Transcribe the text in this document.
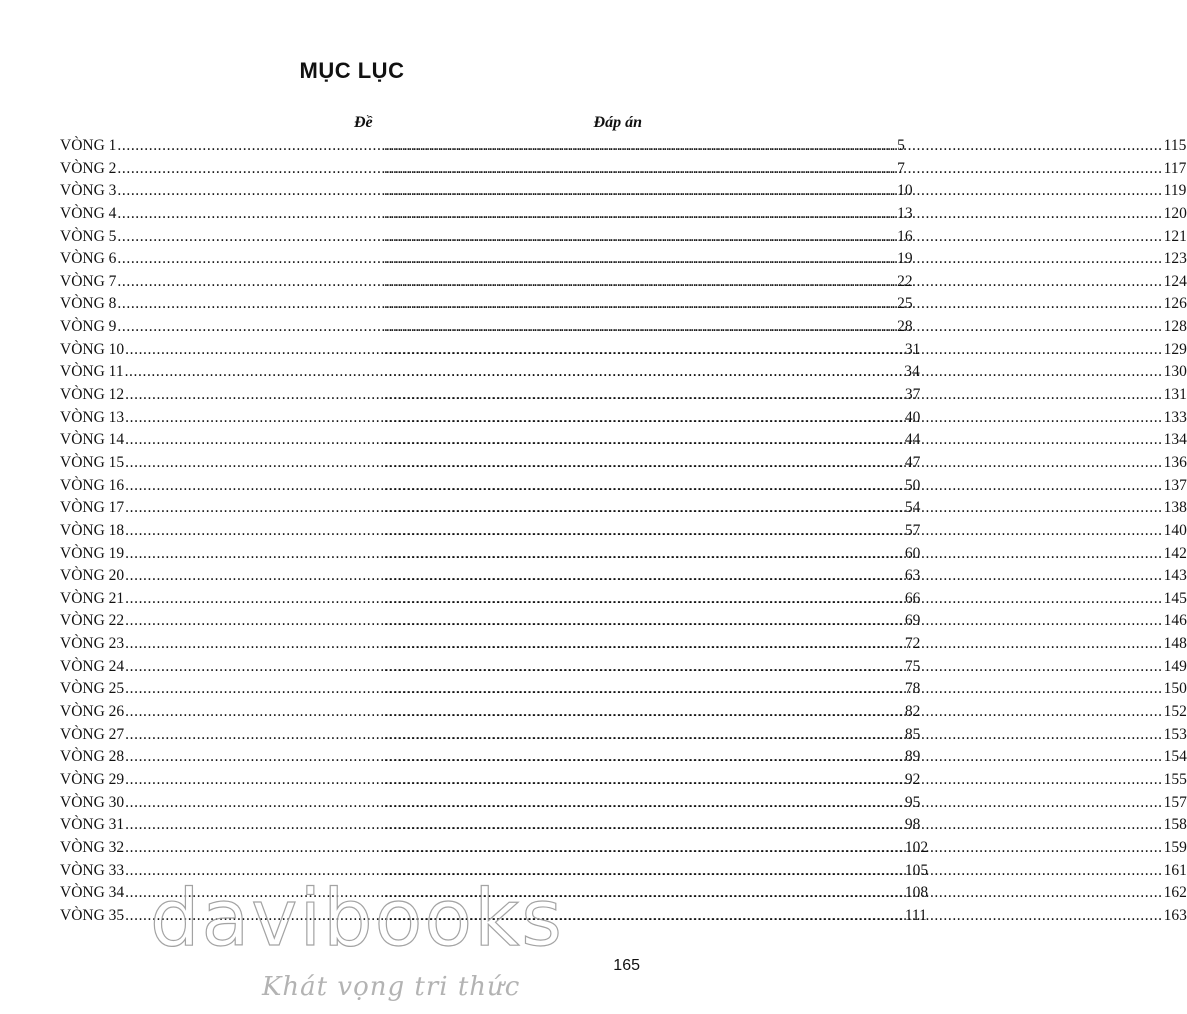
MỤC LỤC
Đề	Đáp án
VÒNG 1 .....	5 .....	115
VÒNG 2 .....	7 .....	117
VÒNG 3 .....	10 .....	119
VÒNG 4 .....	13 .....	120
VÒNG 5 .....	16 .....	121
VÒNG 6 .....	19 .....	123
VÒNG 7 .....	22 .....	124
VÒNG 8 .....	25 .....	126
VÒNG 9 .....	28 .....	128
VÒNG 10 .....	31 .....	129
VÒNG 11 .....	34 .....	130
VÒNG 12 .....	37 .....	131
VÒNG 13 .....	40 .....	133
VÒNG 14 .....	44 .....	134
VÒNG 15 .....	47 .....	136
VÒNG 16 .....	50 .....	137
VÒNG 17 .....	54 .....	138
VÒNG 18 .....	57 .....	140
VÒNG 19 .....	60 .....	142
VÒNG 20 .....	63 .....	143
VÒNG 21 .....	66 .....	145
VÒNG 22 .....	69 .....	146
VÒNG 23 .....	72 .....	148
VÒNG 24 .....	75 .....	149
VÒNG 25 .....	78 .....	150
VÒNG 26 .....	82 .....	152
VÒNG 27 .....	85 .....	153
VÒNG 28 .....	89 .....	154
VÒNG 29 .....	92 .....	155
VÒNG 30 .....	95 .....	157
VÒNG 31 .....	98 .....	158
VÒNG 32 .....	102 .....	159
VÒNG 33 .....	105 .....	161
VÒNG 34 .....	108 .....	162
VÒNG 35 .....	111 .....	163
davibooks
Khát vọng tri thức
165
